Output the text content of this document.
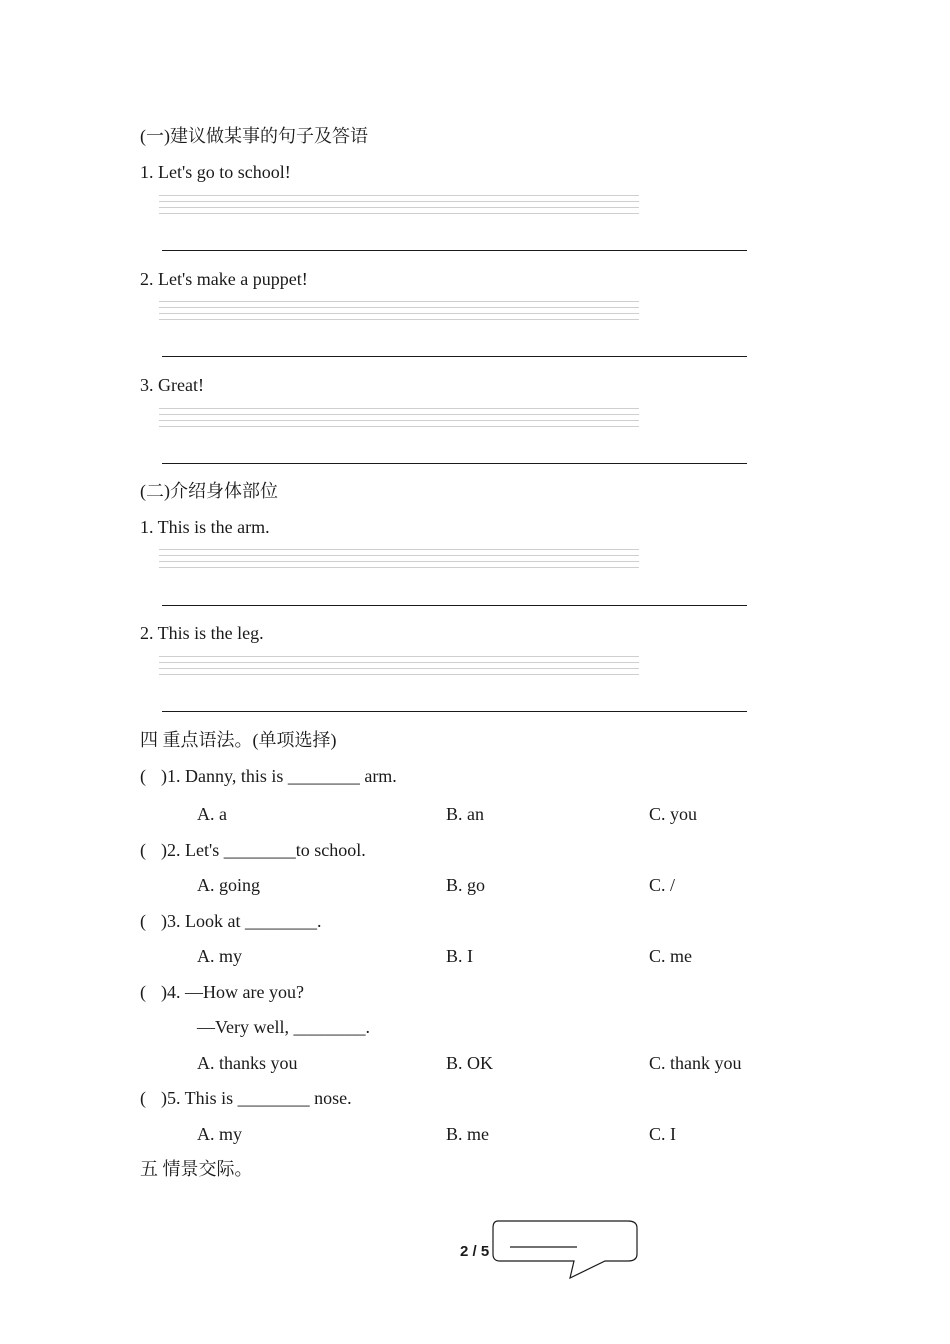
(一)建议做某事的句子及答语
1. Let's go to school!
2. Let's make a puppet!
3. Great!
(二)介绍身体部位
1. This is the arm.
2. This is the leg.
四 重点语法。(单项选择)
( )1. Danny, this is ________ arm.
A. a	B. an	C. you
( )2. Let's ________to school.
A. going	B. go	C. /
( )3. Look at ________.
A. my	B. I	C. me
( )4. —How are you?
—Very well, ________.
A. thanks you	B. OK	C. thank you
( )5. This is ________ nose.
A. my	B. me	C. I
五 情景交际。
2 / 5
